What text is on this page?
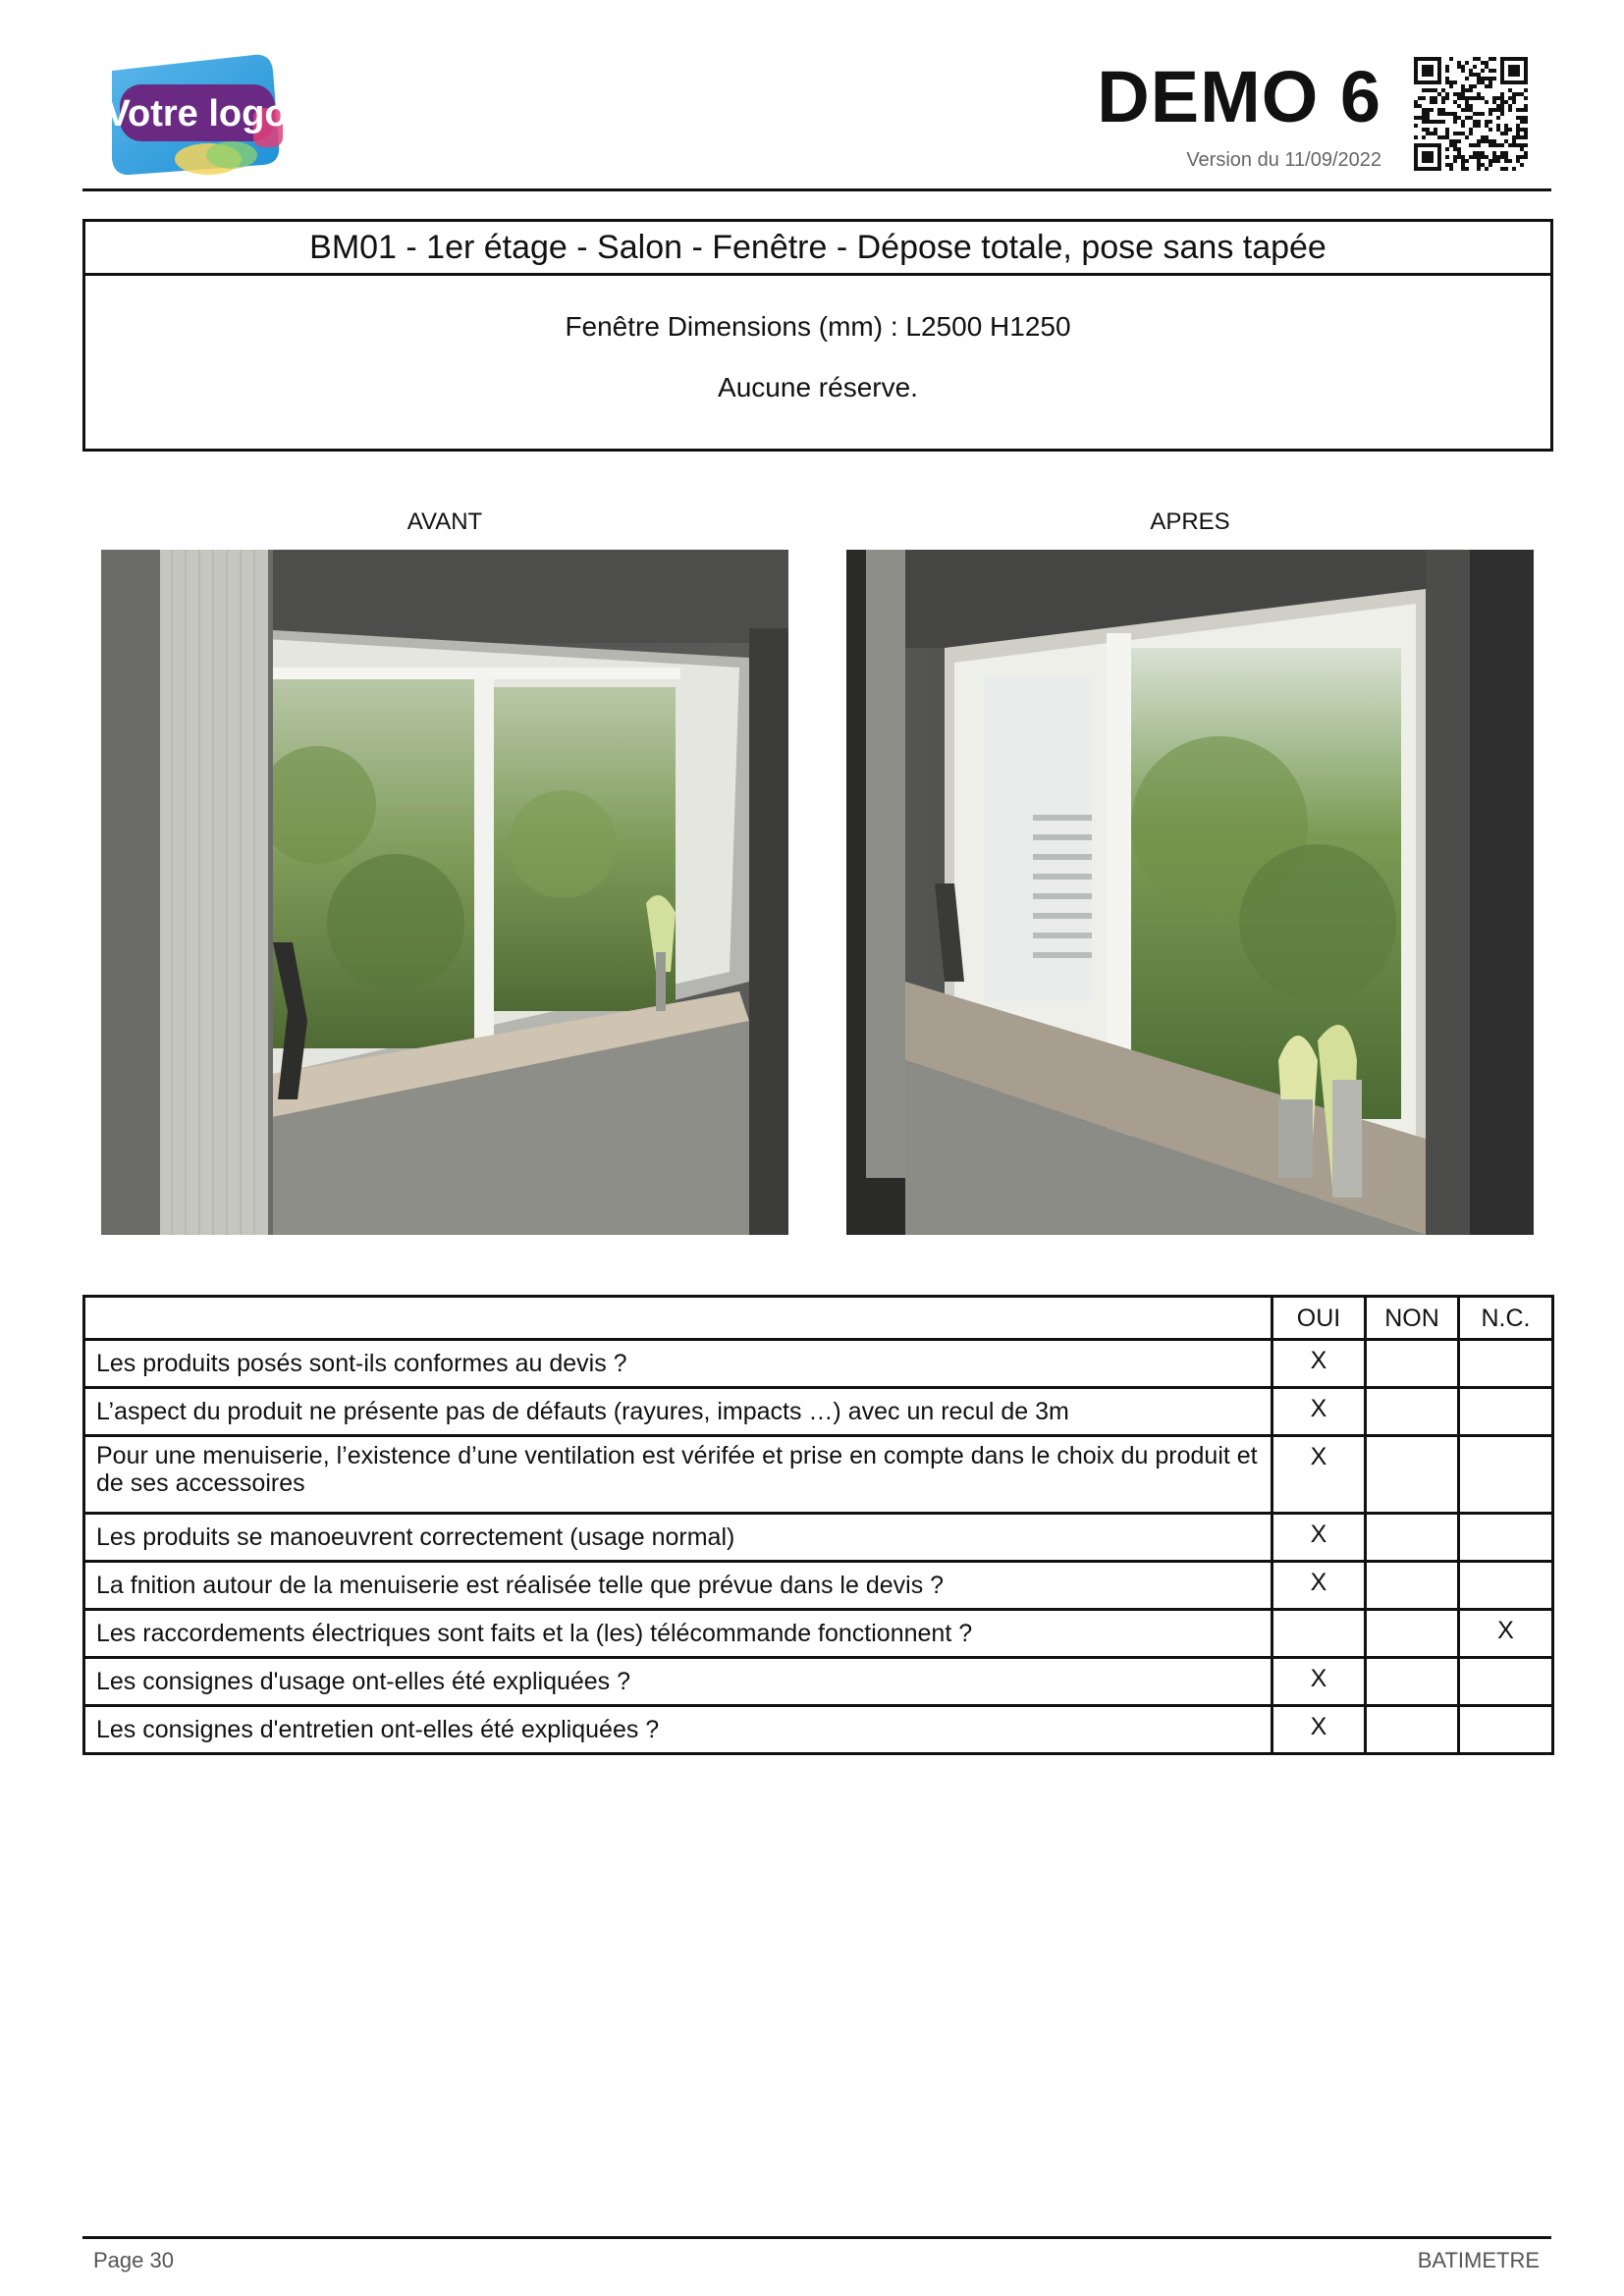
Votre logo	DEMO 6
Version du 11/09/2022
BM01 - 1er étage - Salon - Fenêtre - Dépose totale, pose sans tapée
Fenêtre Dimensions (mm) : L2500 H1250
Aucune réserve.
AVANT	APRES
	OUI	NON	N.C.
Les produits posés sont-ils conformes au devis ?	X		
L’aspect du produit ne présente pas de défauts (rayures, impacts …) avec un recul de 3m	X		
Pour une menuiserie, l’existence d’une ventilation est vérifée et prise en compte dans le choix du produit et de ses accessoires	X		
Les produits se manoeuvrent correctement (usage normal)	X		
La fnition autour de la menuiserie est réalisée telle que prévue dans le devis ?	X		
Les raccordements électriques sont faits et la (les) télécommande fonctionnent ?			X
Les consignes d'usage ont-elles été expliquées ?	X		
Les consignes d'entretien ont-elles été expliquées ?	X		
Page 30	BATIMETRE
